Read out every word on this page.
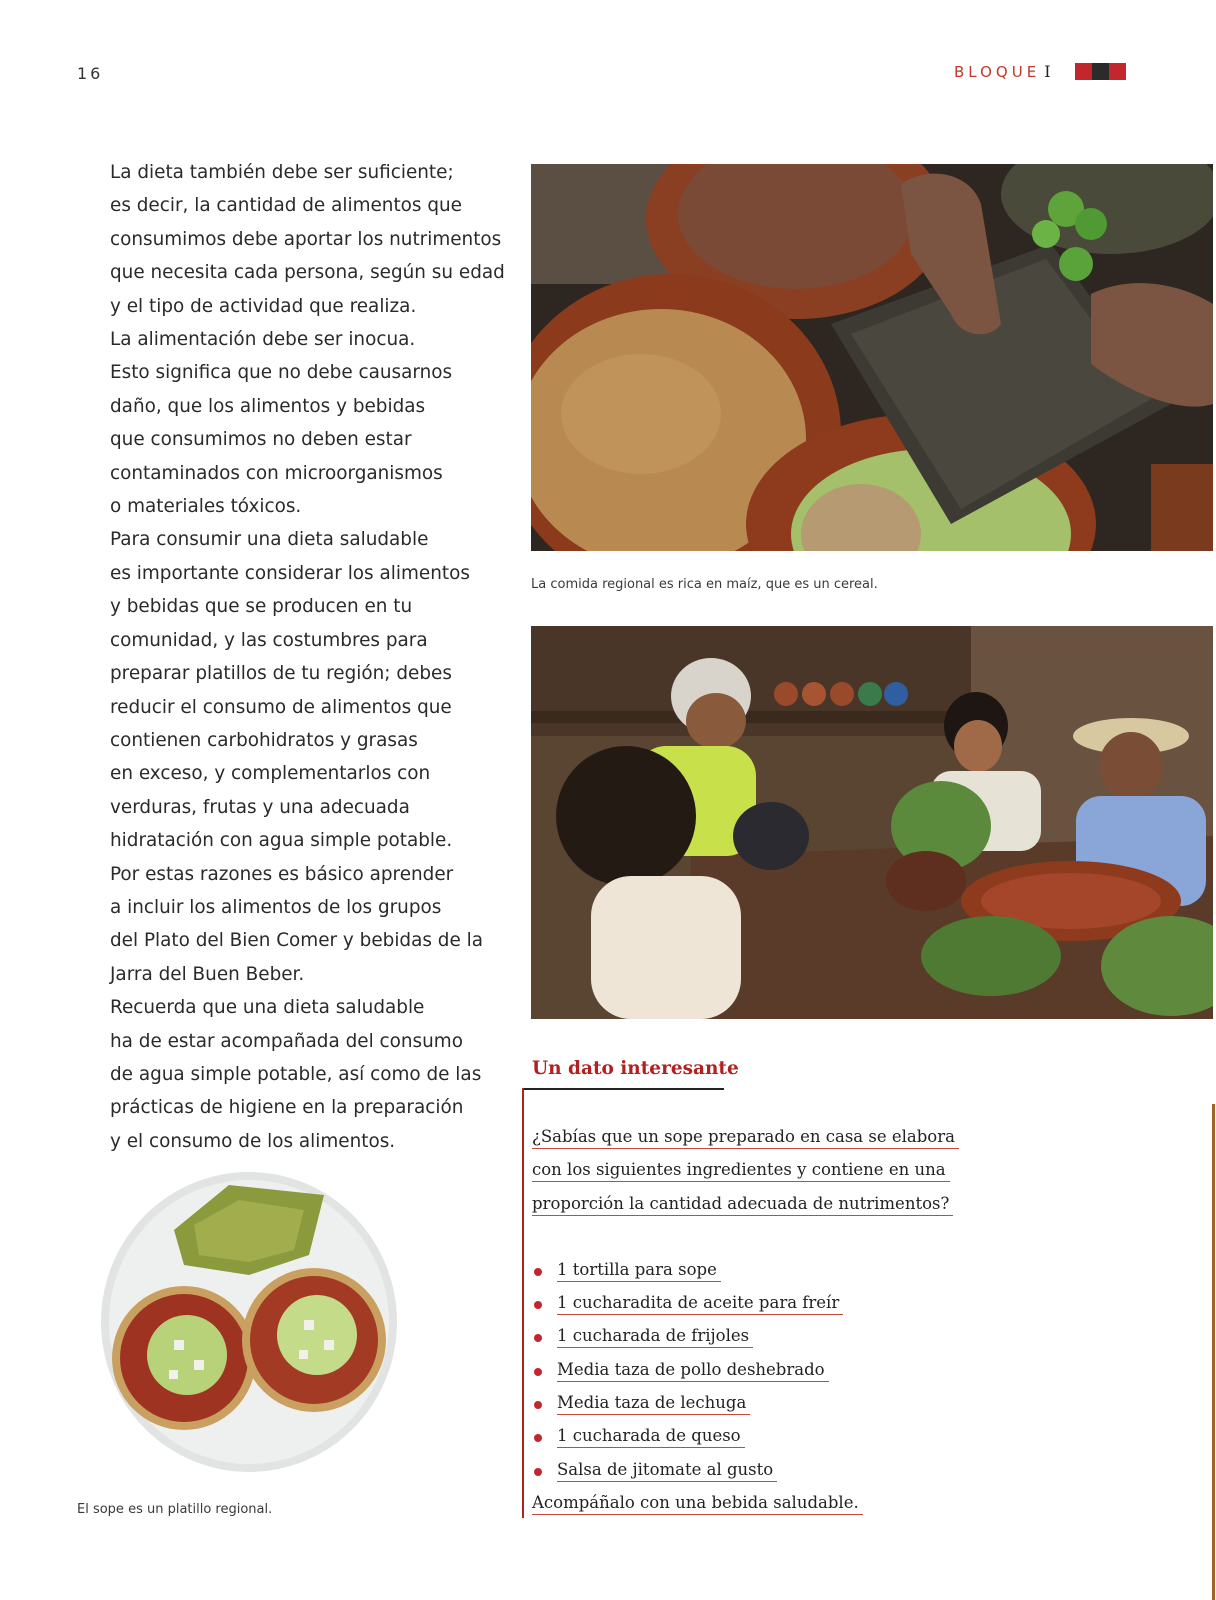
16	BLOQUE I

La dieta también debe ser suficiente;
es decir, la cantidad de alimentos que
consumimos debe aportar los nutrimentos
que necesita cada persona, según su edad
y el tipo de actividad que realiza.

La alimentación debe ser inocua.
Esto significa que no debe causarnos
daño, que los alimentos y bebidas
que consumimos no deben estar
contaminados con microorganismos
o materiales tóxicos.

Para consumir una dieta saludable
es importante considerar los alimentos
y bebidas que se producen en tu
comunidad, y las costumbres para
preparar platillos de tu región; debes
reducir el consumo de alimentos que
contienen carbohidratos y grasas
en exceso, y complementarlos con
verduras, frutas y una adecuada
hidratación con agua simple potable.

Por estas razones es básico aprender
a incluir los alimentos de los grupos
del Plato del Bien Comer y bebidas de la
Jarra del Buen Beber.

Recuerda que una dieta saludable
ha de estar acompañada del consumo
de agua simple potable, así como de las
prácticas de higiene en la preparación
y el consumo de los alimentos.

La comida regional es rica en maíz, que es un cereal.
El sope es un platillo regional.
Un dato interesante
¿Sabías que un sope preparado en casa se elabora
con los siguientes ingredientes y contiene en una
proporción la cantidad adecuada de nutrimentos?
1 tortilla para sope
1 cucharadita de aceite para freír
1 cucharada de frijoles
Media taza de pollo deshebrado
Media taza de lechuga
1 cucharada de queso
Salsa de jitomate al gusto
Acompáñalo con una bebida saludable.
